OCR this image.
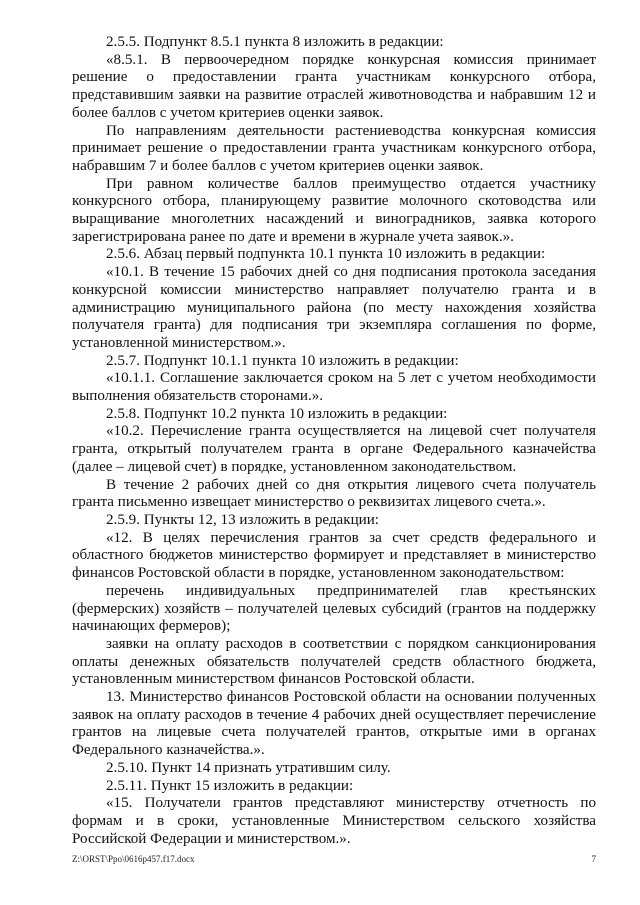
2.5.5. Подпункт 8.5.1 пункта 8 изложить в редакции:

«8.5.1. В первоочередном порядке конкурсная комиссия принимает решение о предоставлении гранта участникам конкурсного отбора, представившим заявки на развитие отраслей животноводства и набравшим 12 и более баллов с учетом критериев оценки заявок.

По направлениям деятельности растениеводства конкурсная комиссия принимает решение о предоставлении гранта участникам конкурсного отбора, набравшим 7 и более баллов с учетом критериев оценки заявок.

При равном количестве баллов преимущество отдается участнику конкурсного отбора, планирующему развитие молочного скотоводства или выращивание многолетних насаждений и виноградников, заявка которого зарегистрирована ранее по дате и времени в журнале учета заявок.».

2.5.6. Абзац первый подпункта 10.1 пункта 10 изложить в редакции:

«10.1. В течение 15 рабочих дней со дня подписания протокола заседания конкурсной комиссии министерство направляет получателю гранта и в администрацию муниципального района (по месту нахождения хозяйства получателя гранта) для подписания три экземпляра соглашения по форме, установленной министерством.».

2.5.7. Подпункт 10.1.1 пункта 10 изложить в редакции:

«10.1.1. Соглашение заключается сроком на 5 лет с учетом необходимости выполнения обязательств сторонами.».

2.5.8. Подпункт 10.2 пункта 10 изложить в редакции:

«10.2. Перечисление гранта осуществляется на лицевой счет получателя гранта, открытый получателем гранта в органе Федерального казначейства (далее – лицевой счет) в порядке, установленном законодательством.

В течение 2 рабочих дней со дня открытия лицевого счета получатель гранта письменно извещает министерство о реквизитах лицевого счета.».

2.5.9. Пункты 12, 13 изложить в редакции:

«12. В целях перечисления грантов за счет средств федерального и областного бюджетов министерство формирует и представляет в министерство финансов Ростовской области в порядке, установленном законодательством:

перечень индивидуальных предпринимателей глав крестьянских (фермерских) хозяйств – получателей целевых субсидий (грантов на поддержку начинающих фермеров);

заявки на оплату расходов в соответствии с порядком санкционирования оплаты денежных обязательств получателей средств областного бюджета, установленным министерством финансов Ростовской области.

13. Министерство финансов Ростовской области на основании полученных заявок на оплату расходов в течение 4 рабочих дней осуществляет перечисление грантов на лицевые счета получателей грантов, открытые ими в органах Федерального казначейства.».

2.5.10. Пункт 14 признать утратившим силу.

2.5.11. Пункт 15 изложить в редакции:

«15. Получатели грантов представляют министерству отчетность по формам и в сроки, установленные Министерством сельского хозяйства Российской Федерации и министерством.».

Z:\ORST\Ppo\0616p457.f17.docx	7
